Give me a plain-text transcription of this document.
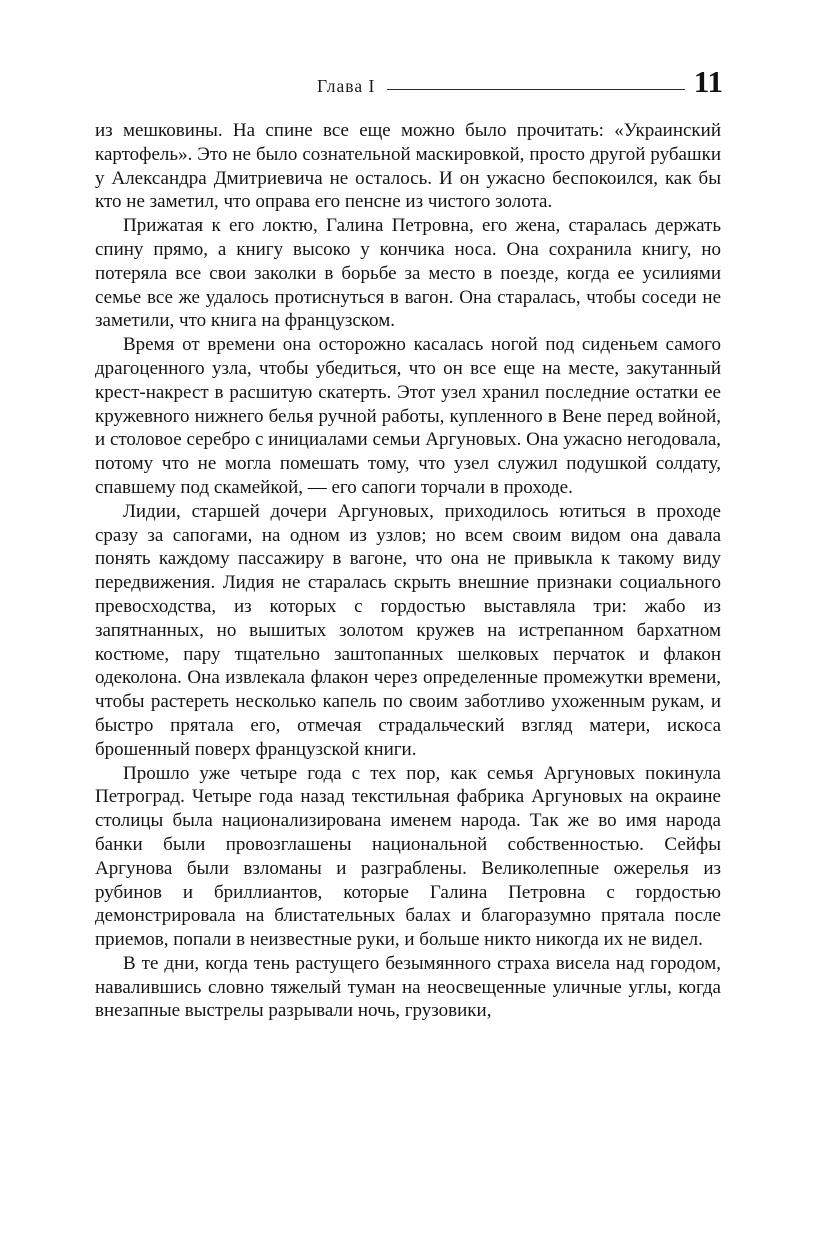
Глава I	11

из мешковины. На спине все еще можно было прочитать: «Украинский картофель». Это не было сознательной маскировкой, просто другой рубашки у Александра Дмитриевича не осталось. И он ужасно беспокоился, как бы кто не заметил, что оправа его пенсне из чистого золота.

Прижатая к его локтю, Галина Петровна, его жена, старалась держать спину прямо, а книгу высоко у кончика носа. Она сохранила книгу, но потеряла все свои заколки в борьбе за место в поезде, когда ее усилиями семье все же удалось протиснуться в вагон. Она старалась, чтобы соседи не заметили, что книга на французском.

Время от времени она осторожно касалась ногой под сиденьем самого драгоценного узла, чтобы убедиться, что он все еще на месте, закутанный крест-накрест в расшитую скатерть. Этот узел хранил последние остатки ее кружевного нижнего белья ручной работы, купленного в Вене перед войной, и столовое серебро с инициалами семьи Аргуновых. Она ужасно негодовала, потому что не могла помешать тому, что узел служил подушкой солдату, спавшему под скамейкой, — его сапоги торчали в проходе.

Лидии, старшей дочери Аргуновых, приходилось ютиться в проходе сразу за сапогами, на одном из узлов; но всем своим видом она давала понять каждому пассажиру в вагоне, что она не привыкла к такому виду передвижения. Лидия не старалась скрыть внешние признаки социального превосходства, из которых с гордостью выставляла три: жабо из запятнанных, но вышитых золотом кружев на истрепанном бархатном костюме, пару тщательно заштопанных шелковых перчаток и флакон одеколона. Она извлекала флакон через определенные промежутки времени, чтобы растереть несколько капель по своим заботливо ухоженным рукам, и быстро прятала его, отмечая страдальческий взгляд матери, искоса брошенный поверх французской книги.

Прошло уже четыре года с тех пор, как семья Аргуновых покинула Петроград. Четыре года назад текстильная фабрика Аргуновых на окраине столицы была национализирована именем народа. Так же во имя народа банки были провозглашены национальной собственностью. Сейфы Аргунова были взломаны и разграблены. Великолепные ожерелья из рубинов и бриллиантов, которые Галина Петровна с гордостью демонстрировала на блистательных балах и благоразумно прятала после приемов, попали в неизвестные руки, и больше никто никогда их не видел.

В те дни, когда тень растущего безымянного страха висела над городом, навалившись словно тяжелый туман на неосвещенные уличные углы, когда внезапные выстрелы разрывали ночь, грузовики,
